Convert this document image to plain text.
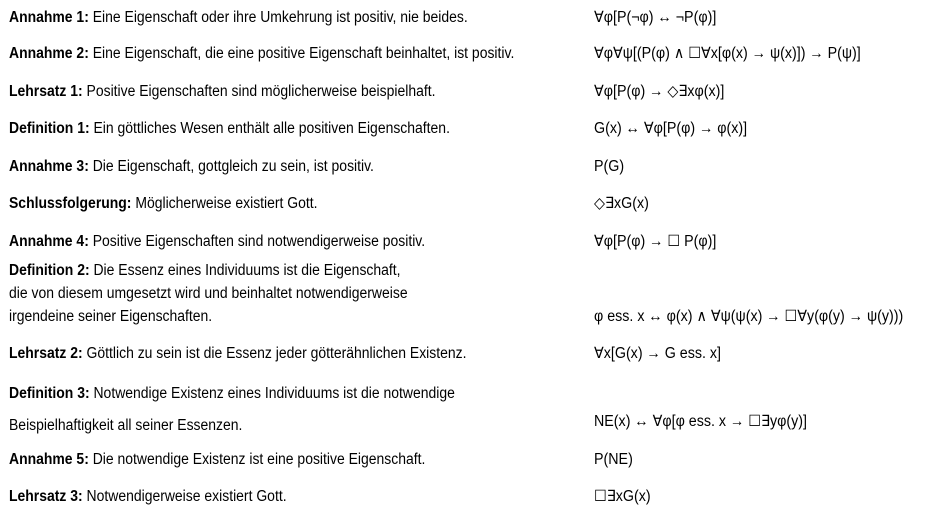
Annahme 1: Eine Eigenschaft oder ihre Umkehrung ist positiv, nie beides.	∀φ[P(¬φ) ↔ ¬P(φ)]
Annahme 2: Eine Eigenschaft, die eine positive Eigenschaft beinhaltet, ist positiv.	∀φ∀ψ[(P(φ) ∧ ☐∀x[φ(x) → ψ(x)]) → P(ψ)]
Lehrsatz 1: Positive Eigenschaften sind möglicherweise beispielhaft.	∀φ[P(φ) → ◇∃xφ(x)]
Definition 1: Ein göttliches Wesen enthält alle positiven Eigenschaften.	G(x) ↔ ∀φ[P(φ) → φ(x)]
Annahme 3: Die Eigenschaft, gottgleich zu sein, ist positiv.	P(G)
Schlussfolgerung: Möglicherweise existiert Gott.	◇∃xG(x)
Annahme 4: Positive Eigenschaften sind notwendigerweise positiv.	∀φ[P(φ) → ☐ P(φ)]
Definition 2: Die Essenz eines Individuums ist die Eigenschaft,
die von diesem umgesetzt wird und beinhaltet notwendigerweise
irgendeine seiner Eigenschaften.	φ ess. x ↔ φ(x) ∧ ∀ψ(ψ(x) → ☐∀y(φ(y) → ψ(y)))
Lehrsatz 2: Göttlich zu sein ist die Essenz jeder götterähnlichen Existenz.	∀x[G(x) → G ess. x]
Definition 3: Notwendige Existenz eines Individuums ist die notwendige
Beispielhaftigkeit all seiner Essenzen.	NE(x) ↔ ∀φ[φ ess. x → ☐∃yφ(y)]
Annahme 5: Die notwendige Existenz ist eine positive Eigenschaft.	P(NE)
Lehrsatz 3: Notwendigerweise existiert Gott.	☐∃xG(x)
